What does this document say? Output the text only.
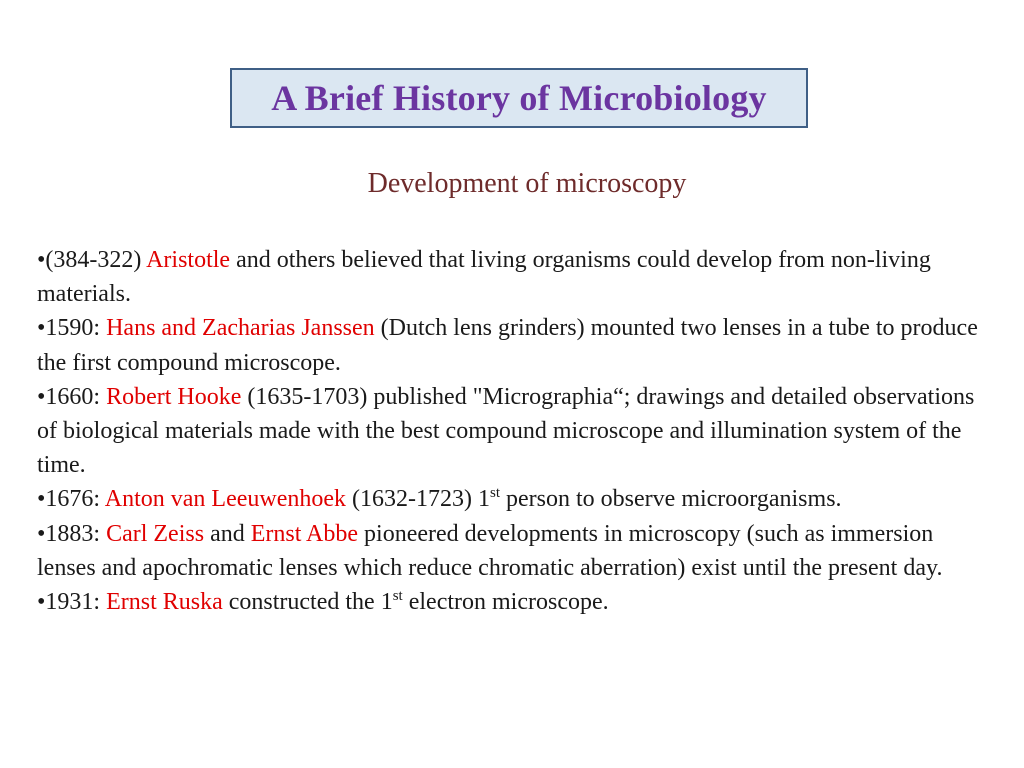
A Brief History of Microbiology
Development of microscopy
•(384-322) Aristotle and others believed that living organisms could develop from non-living materials.
•1590: Hans and Zacharias Janssen (Dutch lens grinders) mounted two lenses in a tube to produce the first compound microscope.
•1660: Robert Hooke (1635-1703) published "Micrographia“; drawings and detailed observations of biological materials made with the best compound microscope and illumination system of the time.
•1676: Anton van Leeuwenhoek (1632-1723) 1st person to observe microorganisms.
•1883: Carl Zeiss and Ernst Abbe pioneered developments in microscopy (such as immersion lenses and apochromatic lenses which reduce chromatic aberration) exist until the present day.
•1931: Ernst Ruska constructed the 1st electron microscope.
